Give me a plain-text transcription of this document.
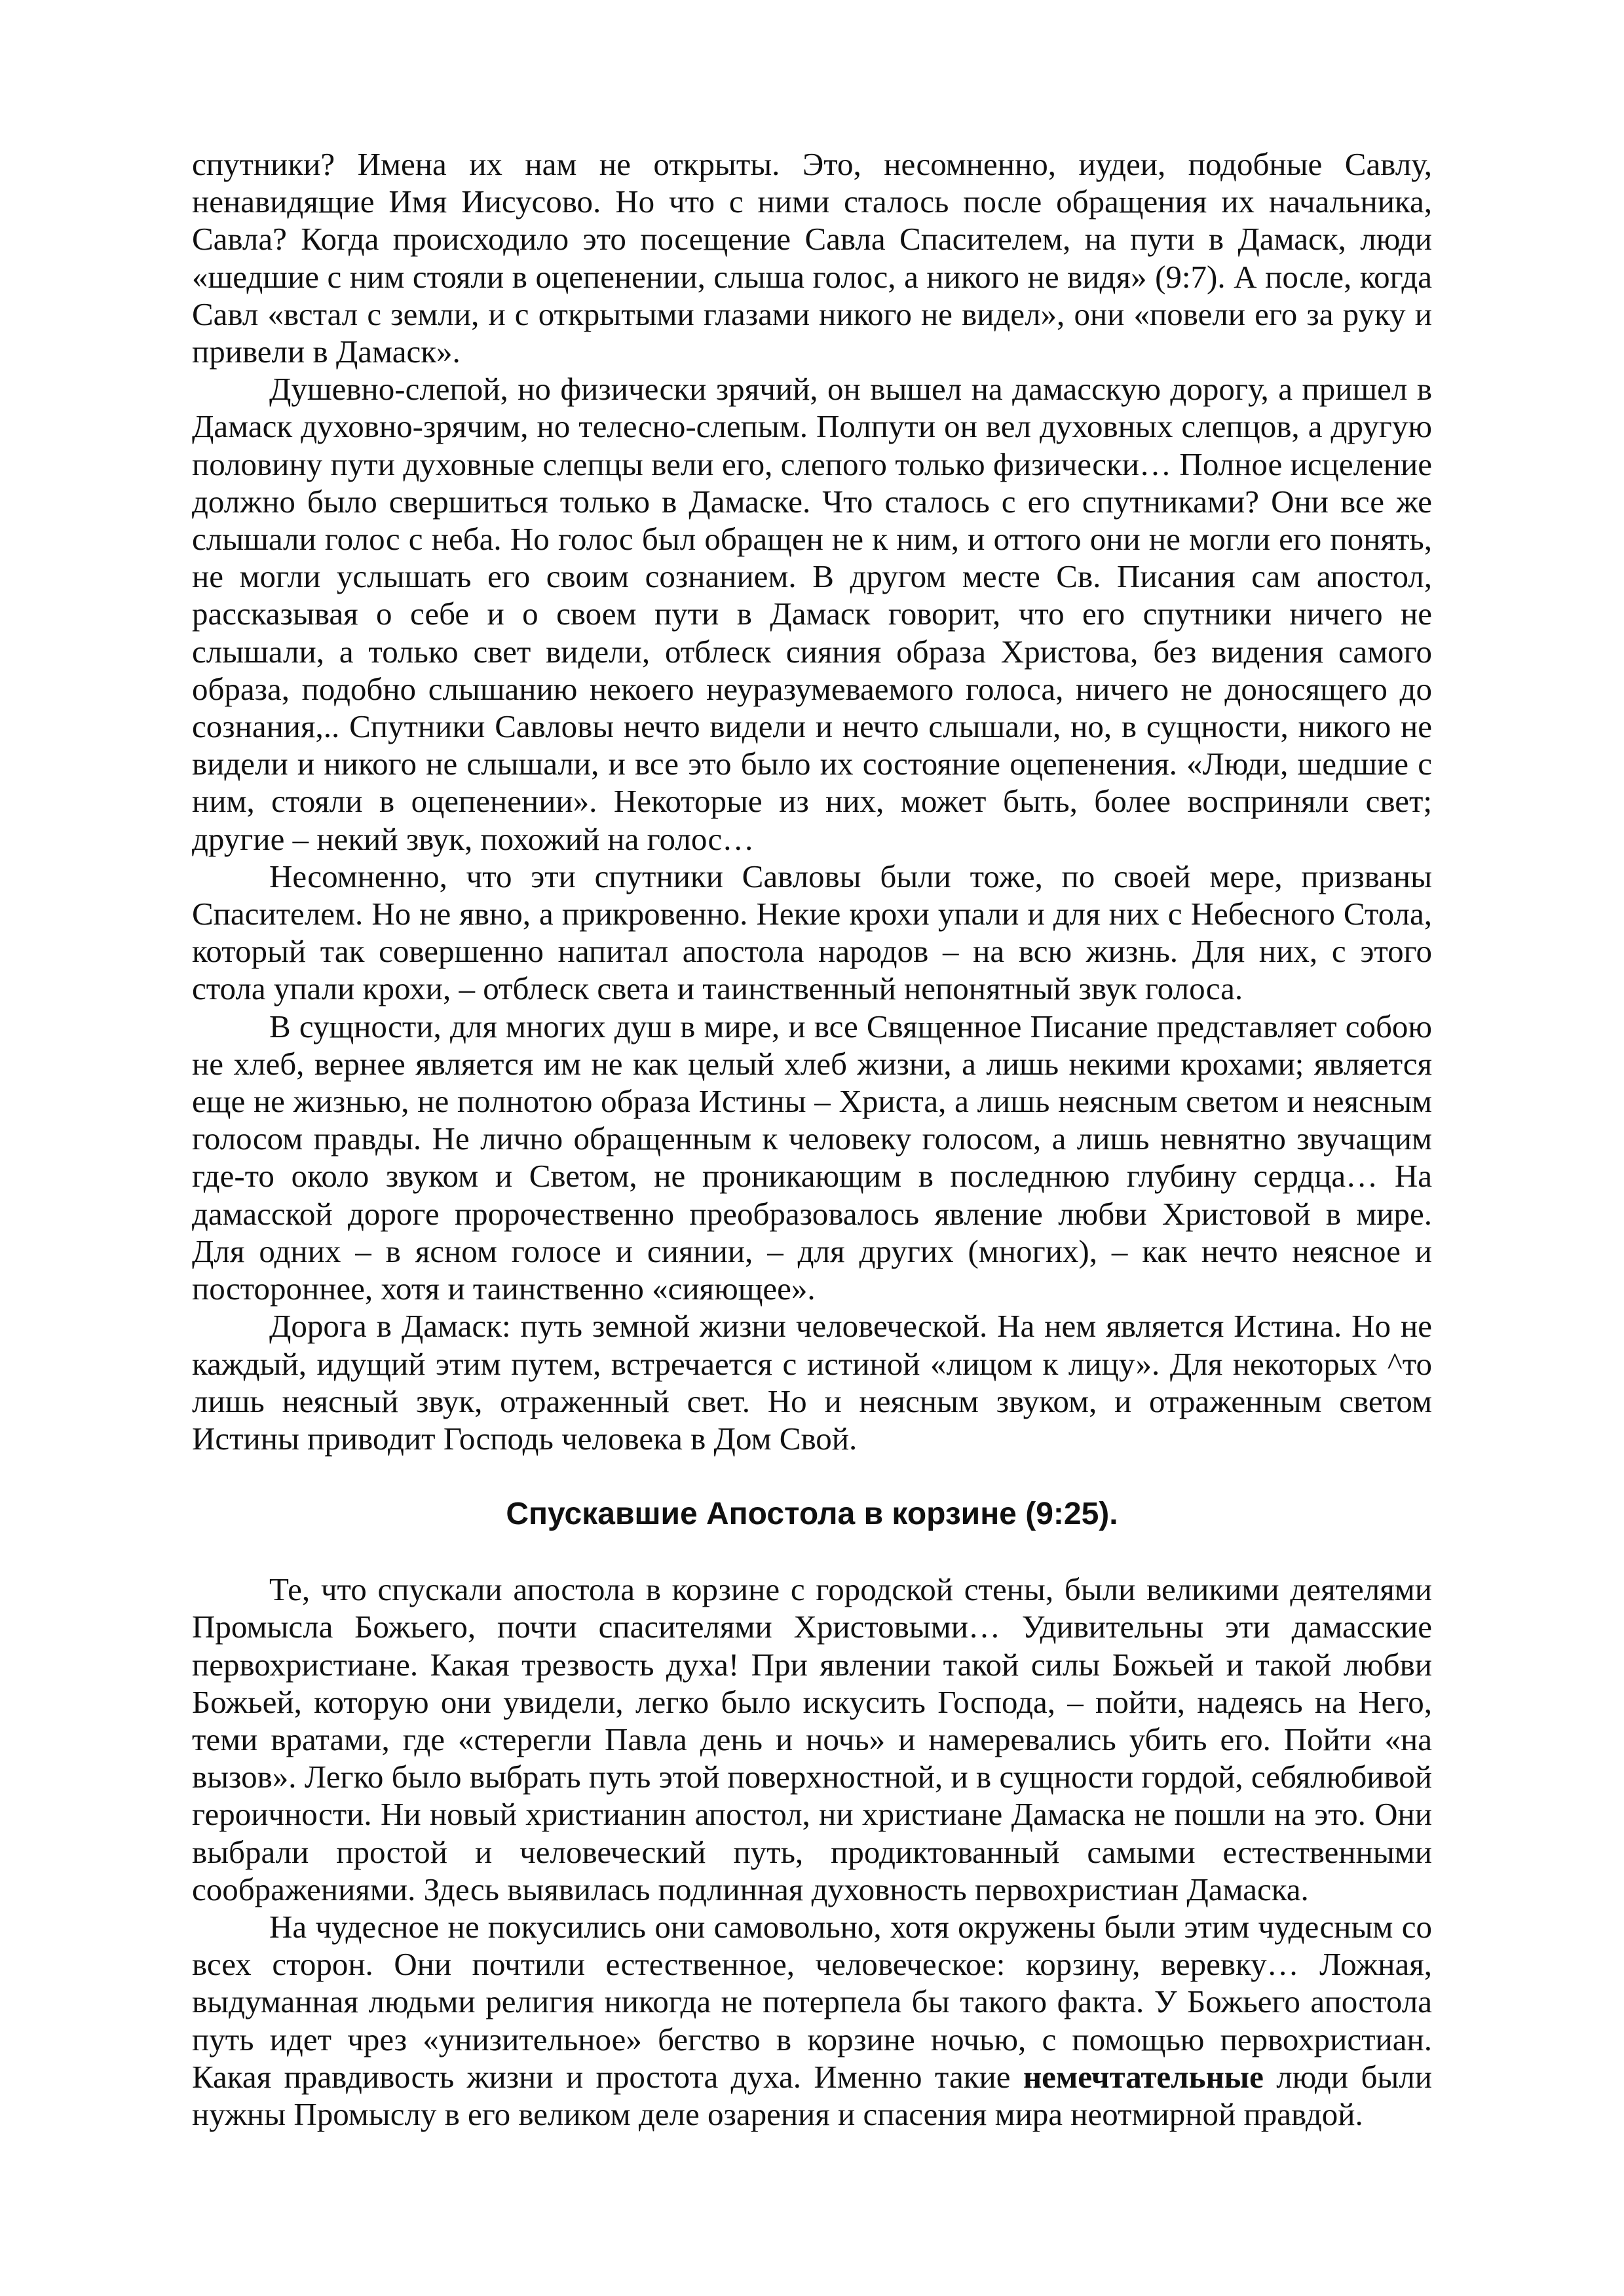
спутники? Имена их нам не открыты. Это, несомненно, иудеи, подобные Савлу, ненавидящие Имя Иисусово. Но что с ними сталось после обращения их начальника, Савла? Когда происходило это посещение Савла Спасителем, на пути в Дамаск, люди «шедшие с ним стояли в оцепенении, слыша голос, а никого не видя» (9:7). А после, когда Савл «встал с земли, и с открытыми глазами никого не видел», они «повели его за руку и привели в Дамаск».

Душевно-слепой, но физически зрячий, он вышел на дамасскую дорогу, а пришел в Дамаск духовно-зрячим, но телесно-слепым. Полпути он вел духовных слепцов, а другую половину пути духовные слепцы вели его, слепого только физически… Полное исцеление должно было свершиться только в Дамаске. Что сталось с его спутниками? Они все же слышали голос с неба. Но голос был обращен не к ним, и оттого они не могли его понять, не могли услышать его своим сознанием. В другом месте Св. Писания сам апостол, рассказывая о себе и о своем пути в Дамаск говорит, что его спутники ничего не слышали, а только свет видели, отблеск сияния образа Христова, без видения самого образа, подобно слышанию некоего неуразумеваемого голоса, ничего не доносящего до сознания,.. Спутники Савловы нечто видели и нечто слышали, но, в сущности, никого не видели и никого не слышали, и все это было их состояние оцепенения. «Люди, шедшие с ним, стояли в оцепенении». Некоторые из них, может быть, более восприняли свет; другие – некий звук, похожий на голос…

Несомненно, что эти спутники Савловы были тоже, по своей мере, призваны Спасителем. Но не явно, а прикровенно. Некие крохи упали и для них с Небесного Стола, который так совершенно напитал апостола народов – на всю жизнь. Для них, с этого стола упали крохи, – отблеск света и таинственный непонятный звук голоса.

В сущности, для многих душ в мире, и все Священное Писание представляет собою не хлеб, вернее является им не как целый хлеб жизни, а лишь некими крохами; является еще не жизнью, не полнотою образа Истины – Христа, а лишь неясным светом и неясным голосом правды. Не лично обращенным к человеку голосом, а лишь невнятно звучащим где-то около звуком и Светом, не проникающим в последнюю глубину сердца… На дамасской дороге пророчественно преобразовалось явление любви Христовой в мире. Для одних – в ясном голосе и сиянии, – для других (многих), – как нечто неясное и постороннее, хотя и таинственно «сияющее».

Дорога в Дамаск: путь земной жизни человеческой. На нем является Истина. Но не каждый, идущий этим путем, встречается с истиной «лицом к лицу». Для некоторых ^то лишь неясный звук, отраженный свет. Но и неясным звуком, и отраженным светом Истины приводит Господь человека в Дом Свой.

Спускавшие Апостола в корзине (9:25).

Те, что спускали апостола в корзине с городской стены, были великими деятелями Промысла Божьего, почти спасителями Христовыми… Удивительны эти дамасские первохристиане. Какая трезвость духа! При явлении такой силы Божьей и такой любви Божьей, которую они увидели, легко было искусить Господа, – пойти, надеясь на Него, теми вратами, где «стерегли Павла день и ночь» и намеревались убить его. Пойти «на вызов». Легко было выбрать путь этой поверхностной, и в сущности гордой, себялюбивой героичности. Ни новый христианин апостол, ни христиане Дамаска не пошли на это. Они выбрали простой и человеческий путь, продиктованный самыми естественными соображениями. Здесь выявилась подлинная духовность первохристиан Дамаска.

На чудесное не покусились они самовольно, хотя окружены были этим чудесным со всех сторон. Они почтили естественное, человеческое: корзину, веревку… Ложная, выдуманная людьми религия никогда не потерпела бы такого факта. У Божьего апостола путь идет чрез «унизительное» бегство в корзине ночью, с помощью первохристиан. Какая правдивость жизни и простота духа. Именно такие немечтательные люди были нужны Промыслу в его великом деле озарения и спасения мира неотмирной правдой.
